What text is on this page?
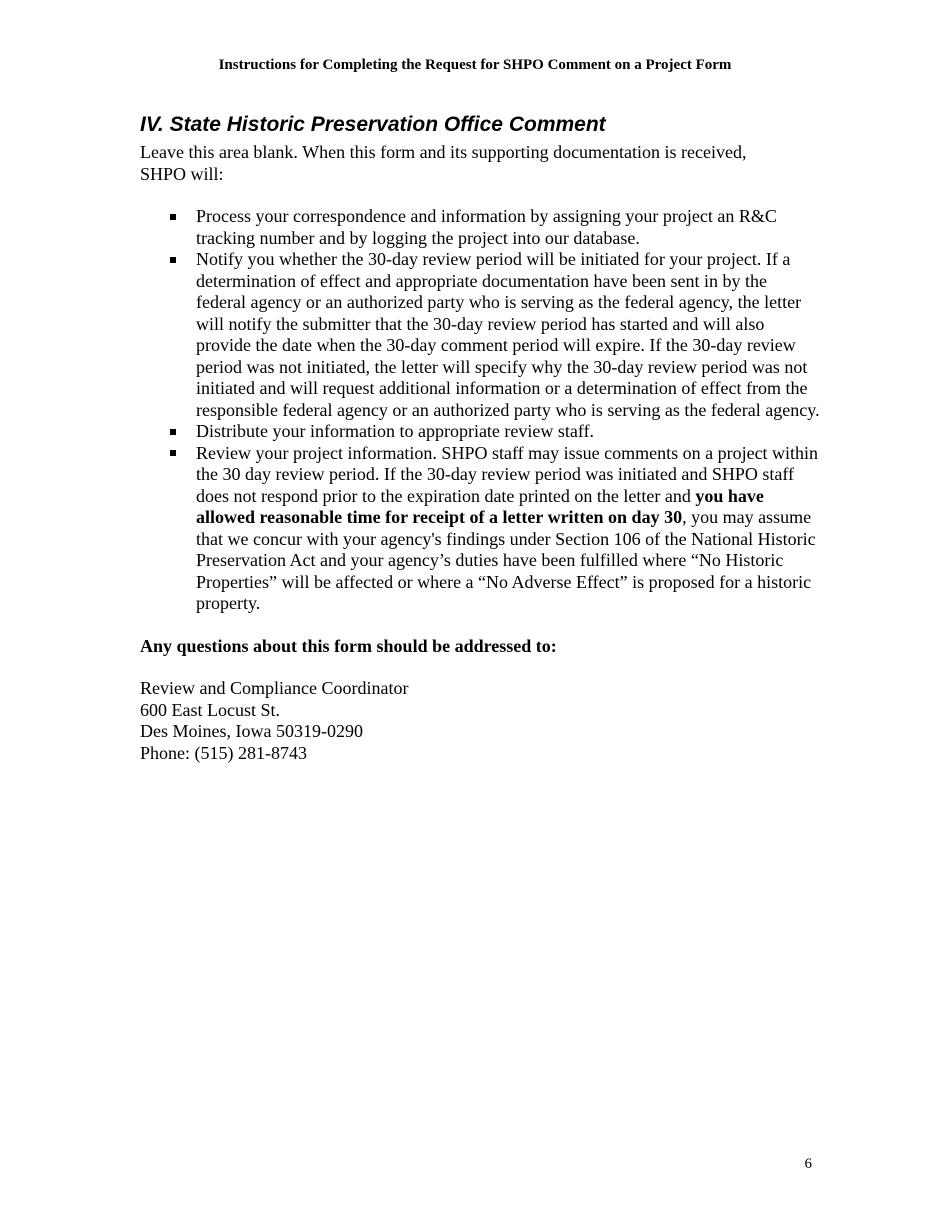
Instructions for Completing the Request for SHPO Comment on a Project Form
IV. State Historic Preservation Office Comment

Leave this area blank. When this form and its supporting documentation is received, SHPO will:

Process your correspondence and information by assigning your project an R&C tracking number and by logging the project into our database.
Notify you whether the 30-day review period will be initiated for your project. If a determination of effect and appropriate documentation have been sent in by the federal agency or an authorized party who is serving as the federal agency, the letter will notify the submitter that the 30-day review period has started and will also provide the date when the 30-day comment period will expire. If the 30-day review period was not initiated, the letter will specify why the 30-day review period was not initiated and will request additional information or a determination of effect from the responsible federal agency or an authorized party who is serving as the federal agency.
Distribute your information to appropriate review staff.
Review your project information. SHPO staff may issue comments on a project within the 30 day review period. If the 30-day review period was initiated and SHPO staff does not respond prior to the expiration date printed on the letter and you have allowed reasonable time for receipt of a letter written on day 30, you may assume that we concur with your agency's findings under Section 106 of the National Historic Preservation Act and your agency’s duties have been fulfilled where “No Historic Properties” will be affected or where a “No Adverse Effect” is proposed for a historic property.

Any questions about this form should be addressed to:

Review and Compliance Coordinator
600 East Locust St.
Des Moines, Iowa 50319-0290
Phone: (515) 281-8743
6
